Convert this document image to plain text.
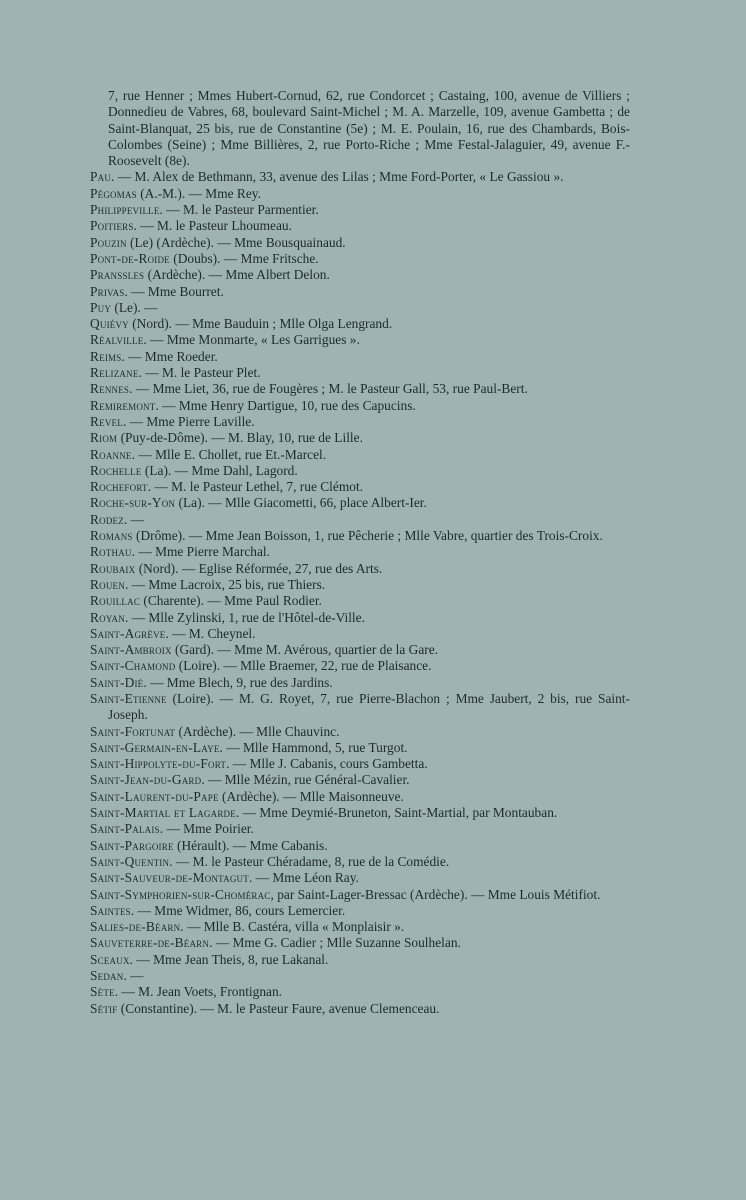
7, rue Henner ; Mmes Hubert-Cornud, 62, rue Condorcet ; Castaing, 100, avenue de Villiers ; Donnedieu de Vabres, 68, boulevard Saint-Michel ; M. A. Marzelle, 109, avenue Gambetta ; de Saint-Blanquat, 25 bis, rue de Constantine (5e) ; M. E. Poulain, 16, rue des Chambards, Bois-Colombes (Seine) ; Mme Billières, 2, rue Porto-Riche ; Mme Festal-Jalaguier, 49, avenue F.-Roosevelt (8e).

Pau. — M. Alex de Bethmann, 33, avenue des Lilas ; Mme Ford-Porter, « Le Gassiou ».

Pégomas (A.-M.). — Mme Rey.

Philippeville. — M. le Pasteur Parmentier.

Poitiers. — M. le Pasteur Lhoumeau.

Pouzin (Le) (Ardèche). — Mme Bousquainaud.

Pont-de-Roide (Doubs). — Mme Fritsche.

Pranssles (Ardèche). — Mme Albert Delon.

Privas. — Mme Bourret.

Puy (Le). —

Quiévy (Nord). — Mme Bauduin ; Mlle Olga Lengrand.

Réalville. — Mme Monmarte, « Les Garrigues ».

Reims. — Mme Roeder.

Relizane. — M. le Pasteur Plet.

Rennes. — Mme Liet, 36, rue de Fougères ; M. le Pasteur Gall, 53, rue Paul-Bert.

Remiremont. — Mme Henry Dartigue, 10, rue des Capucins.

Revel. — Mme Pierre Laville.

Riom (Puy-de-Dôme). — M. Blay, 10, rue de Lille.

Roanne. — Mlle E. Chollet, rue Et.-Marcel.

Rochelle (La). — Mme Dahl, Lagord.

Rochefort. — M. le Pasteur Lethel, 7, rue Clémot.

Roche-sur-Yon (La). — Mlle Giacometti, 66, place Albert-Ier.

Rodez. —

Romans (Drôme). — Mme Jean Boisson, 1, rue Pêcherie ; Mlle Vabre, quartier des Trois-Croix.

Rothau. — Mme Pierre Marchal.

Roubaix (Nord). — Eglise Réformée, 27, rue des Arts.

Rouen. — Mme Lacroix, 25 bis, rue Thiers.

Rouillac (Charente). — Mme Paul Rodier.

Royan. — Mlle Zylinski, 1, rue de l'Hôtel-de-Ville.

Saint-Agrève. — M. Cheynel.

Saint-Ambroix (Gard). — Mme M. Avérous, quartier de la Gare.

Saint-Chamond (Loire). — Mlle Braemer, 22, rue de Plaisance.

Saint-Dié. — Mme Blech, 9, rue des Jardins.

Saint-Etienne (Loire). — M. G. Royet, 7, rue Pierre-Blachon ; Mme Jaubert, 2 bis, rue Saint-Joseph.

Saint-Fortunat (Ardèche). — Mlle Chauvinc.

Saint-Germain-en-Laye. — Mlle Hammond, 5, rue Turgot.

Saint-Hippolyte-du-Fort. — Mlle J. Cabanis, cours Gambetta.

Saint-Jean-du-Gard. — Mlle Mézin, rue Général-Cavalier.

Saint-Laurent-du-Pape (Ardèche). — Mlle Maisonneuve.

Saint-Martial et Lagarde. — Mme Deymié-Bruneton, Saint-Martial, par Montauban.

Saint-Palais. — Mme Poirier.

Saint-Pargoire (Hérault). — Mme Cabanis.

Saint-Quentin. — M. le Pasteur Chéradame, 8, rue de la Comédie.

Saint-Sauveur-de-Montagut. — Mme Léon Ray.

Saint-Symphorien-sur-Chomérac, par Saint-Lager-Bressac (Ardèche). — Mme Louis Métifiot.

Saintes. — Mme Widmer, 86, cours Lemercier.

Salies-de-Béarn. — Mlle B. Castéra, villa « Monplaisir ».

Sauveterre-de-Béarn. — Mme G. Cadier ; Mlle Suzanne Soulhelan.

Sceaux. — Mme Jean Theis, 8, rue Lakanal.

Sedan. —

Sète. — M. Jean Voets, Frontignan.

Sétif (Constantine). — M. le Pasteur Faure, avenue Clemenceau.
